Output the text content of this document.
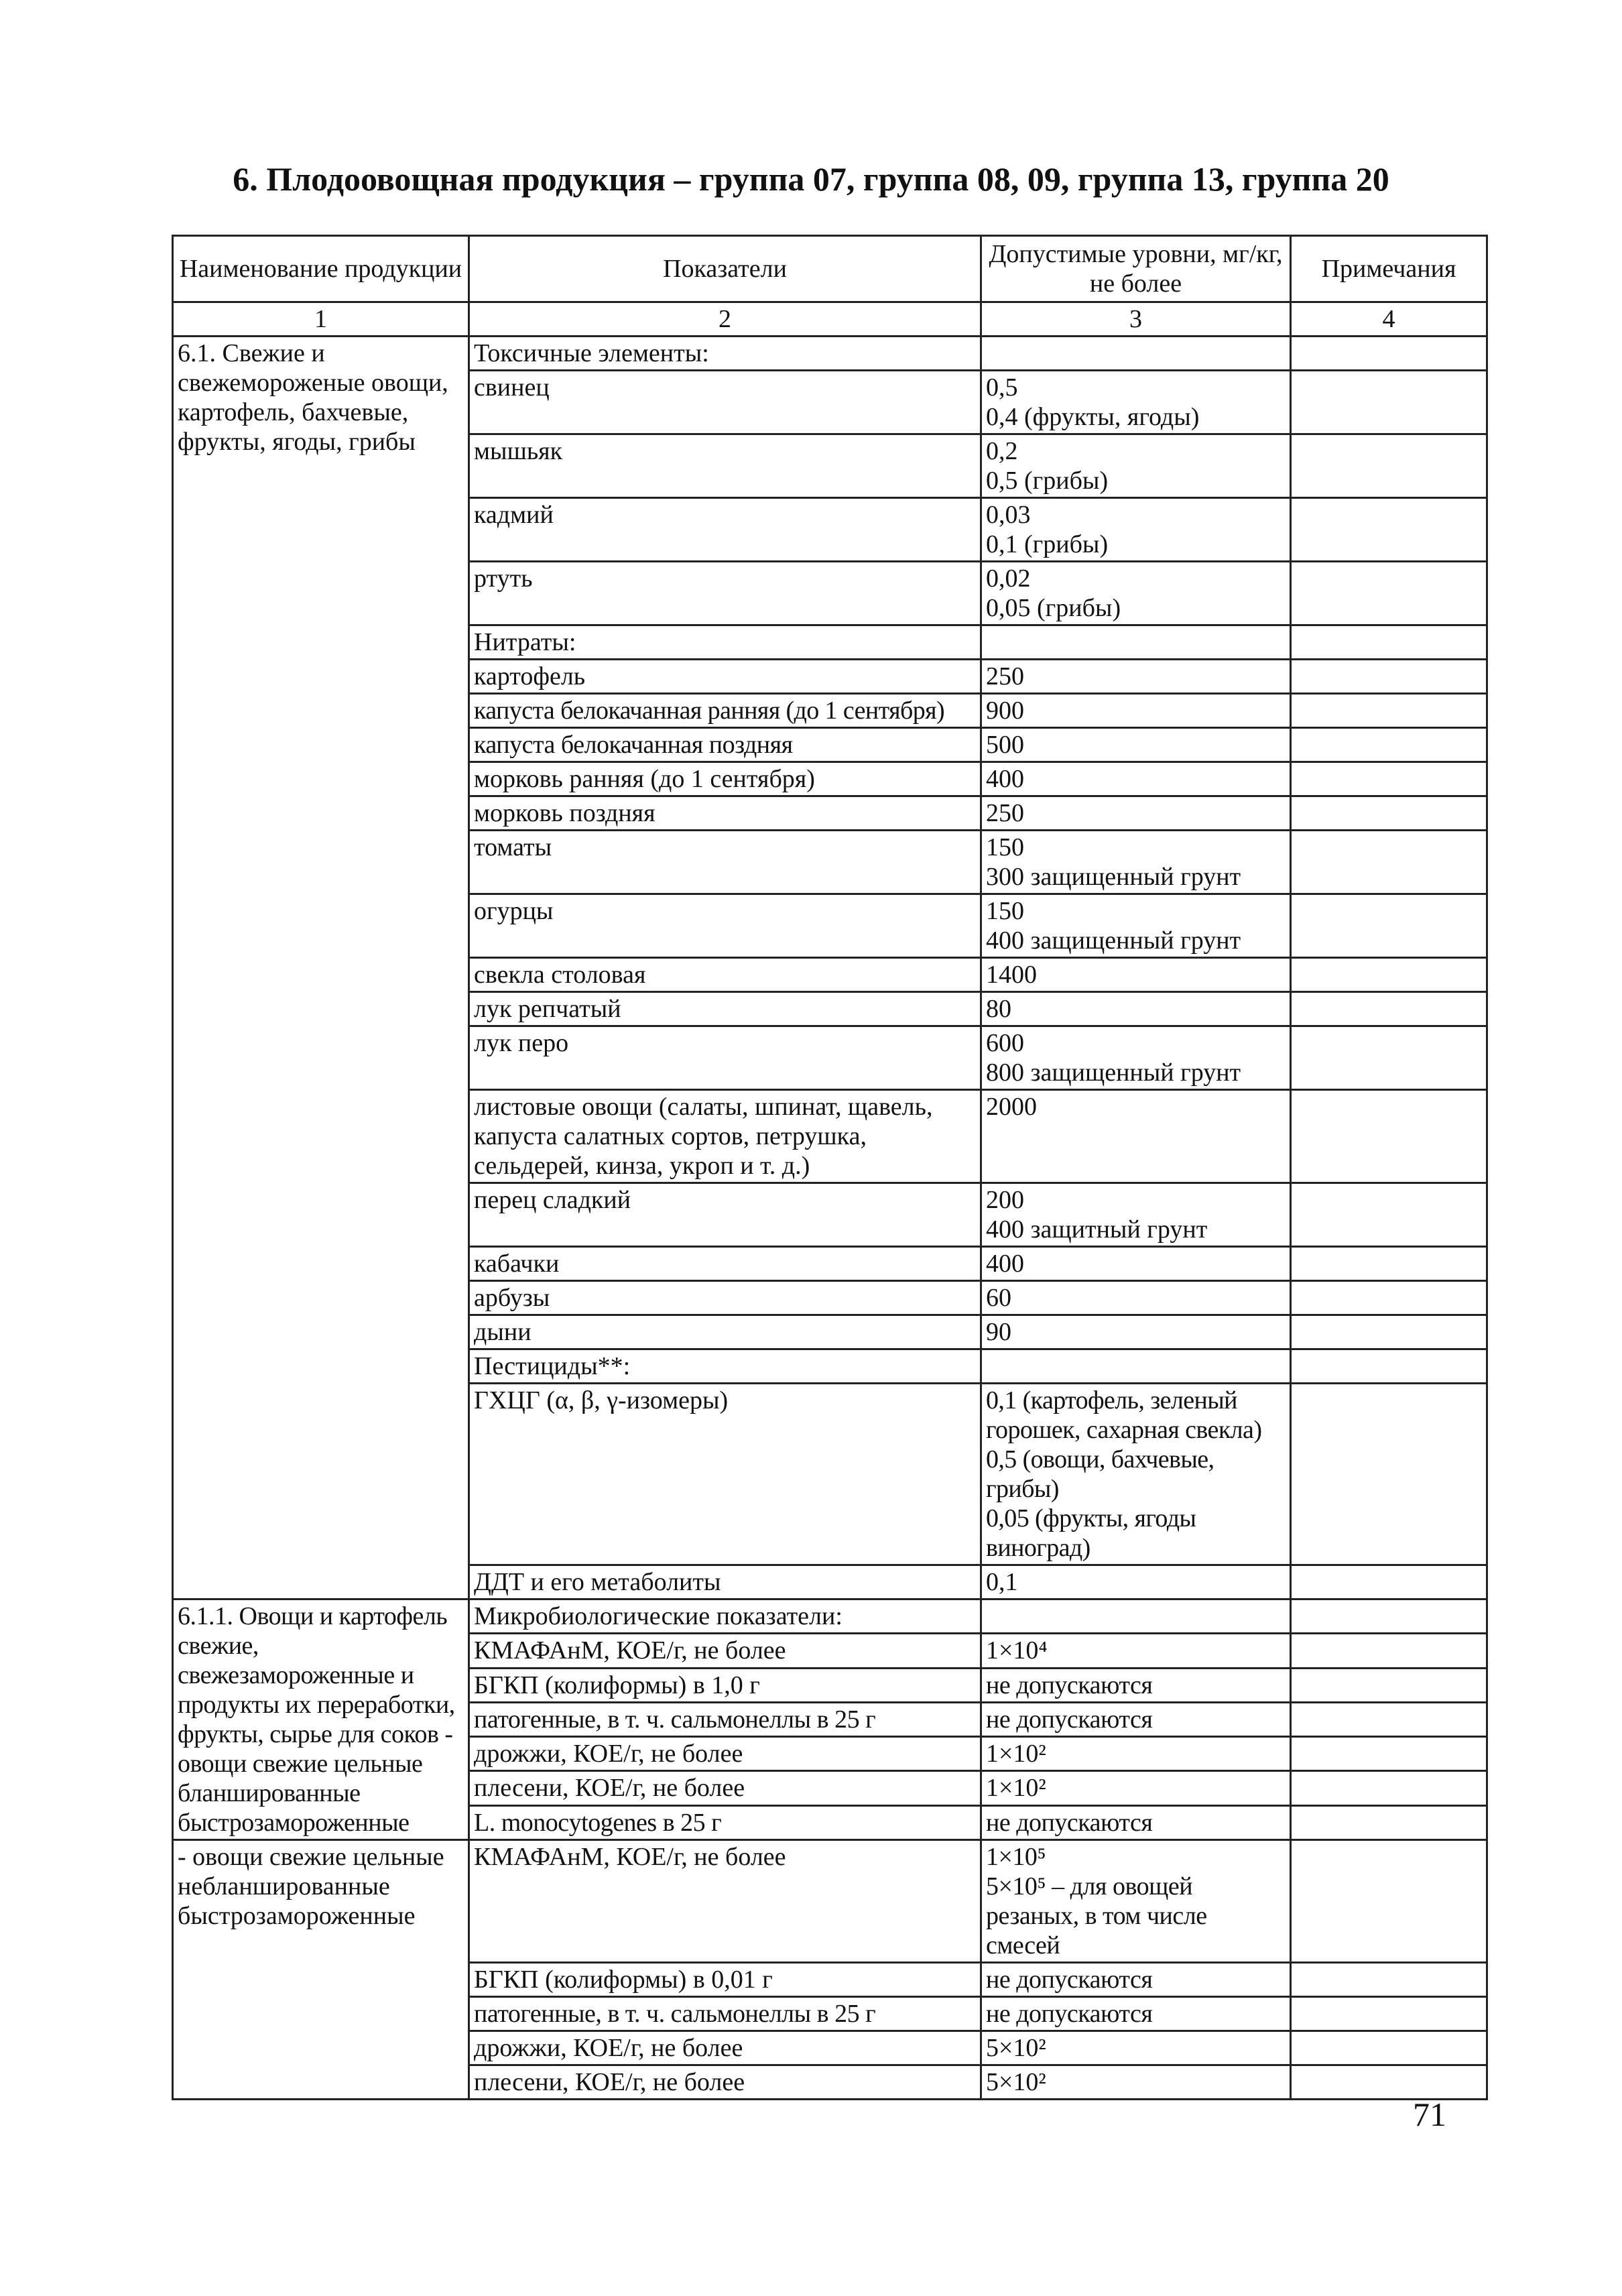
6. Плодоовощная продукция – группа 07, группа 08, 09, группа 13, группа 20
Наименование продукции	Показатели	Допустимые уровни, мг/кг, не более	Примечания
1	2	3	4
6.1. Свежие и свежемороженые овощи, картофель, бахчевые, фрукты, ягоды, грибы	Токсичные элементы:		
	свинец	0,5
0,4 (фрукты, ягоды)	
	мышьяк	0,2
0,5 (грибы)	
	кадмий	0,03
0,1 (грибы)	
	ртуть	0,02
0,05 (грибы)	
	Нитраты:		
	картофель	250	
	капуста белокачанная ранняя (до 1 сентября)	900	
	капуста белокачанная поздняя	500	
	морковь ранняя (до 1 сентября)	400	
	морковь поздняя	250	
	томаты	150
300 защищенный грунт	
	огурцы	150
400 защищенный грунт	
	свекла столовая	1400	
	лук репчатый	80	
	лук перо	600
800 защищенный грунт	
	листовые овощи (салаты, шпинат, щавель, капуста салатных сортов, петрушка, сельдерей, кинза, укроп и т. д.)	2000	
	перец сладкий	200
400 защитный грунт	
	кабачки	400	
	арбузы	60	
	дыни	90	
	Пестициды**:		
	ГХЦГ (α, β, γ-изомеры)	0,1 (картофель, зеленый горошек, сахарная свекла)
0,5 (овощи, бахчевые, грибы)
0,05 (фрукты, ягоды виноград)	
	ДДТ и его метаболиты	0,1	
6.1.1. Овощи и картофель свежие, свежезамороженные и продукты их переработки, фрукты, сырье для соков - овощи свежие цельные бланшированные быстрозамороженные	Микробиологические показатели:		
	КМАФАнМ, КОЕ/г, не более	1×10⁴	
	БГКП (колиформы) в 1,0 г	не допускаются	
	патогенные, в т. ч. сальмонеллы в 25 г	не допускаются	
	дрожжи, КОЕ/г, не более	1×10²	
	плесени, КОЕ/г, не более	1×10²	
	L. monocytogenes в 25 г	не допускаются	
- овощи свежие цельные небланшированные быстрозамороженные	КМАФАнМ, КОЕ/г, не более	1×10⁵
5×10⁵ – для овощей резаных, в том числе смесей	
	БГКП (колиформы) в 0,01 г	не допускаются	
	патогенные, в т. ч. сальмонеллы в 25 г	не допускаются	
	дрожжи, КОЕ/г, не более	5×10²	
	плесени, КОЕ/г, не более	5×10²	
71
